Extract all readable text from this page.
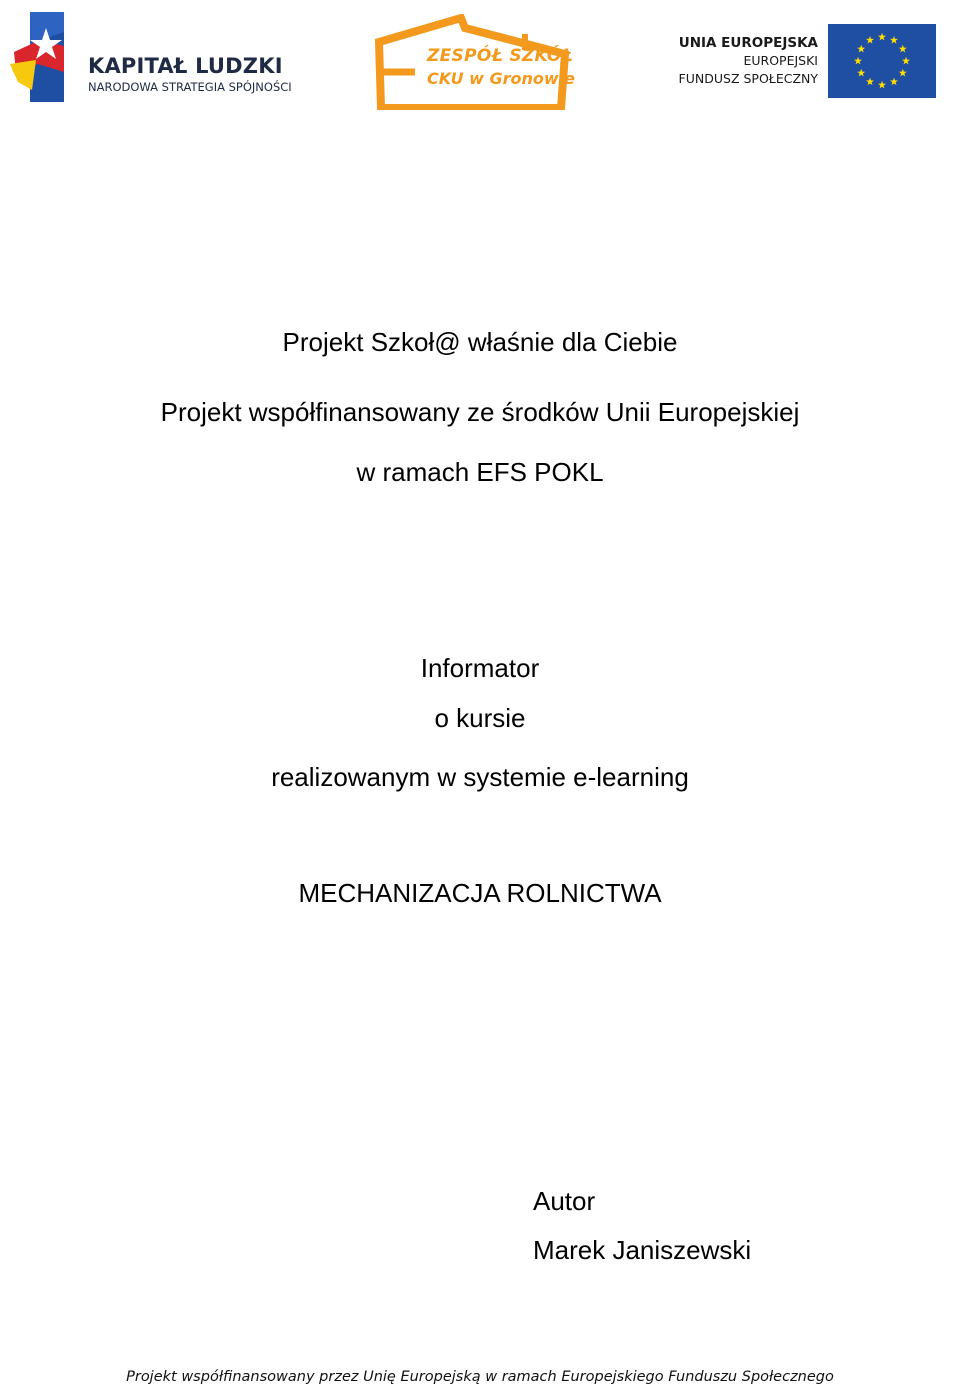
KAPITAŁ LUDZKI
NARODOWA STRATEGIA SPÓJNOŚCI
ZESPÓŁ SZKÓŁ
CKU w Gronowie
UNIA EUROPEJSKA
EUROPEJSKI
FUNDUSZ SPOŁECZNY
Projekt Szkoł@ właśnie dla Ciebie
Projekt współfinansowany ze środków Unii Europejskiej
w ramach EFS POKL
Informator
o kursie
realizowanym w systemie e-learning
MECHANIZACJA ROLNICTWA
Autor
Marek Janiszewski
Projekt współfinansowany przez Unię Europejską w ramach Europejskiego Funduszu Społecznego
